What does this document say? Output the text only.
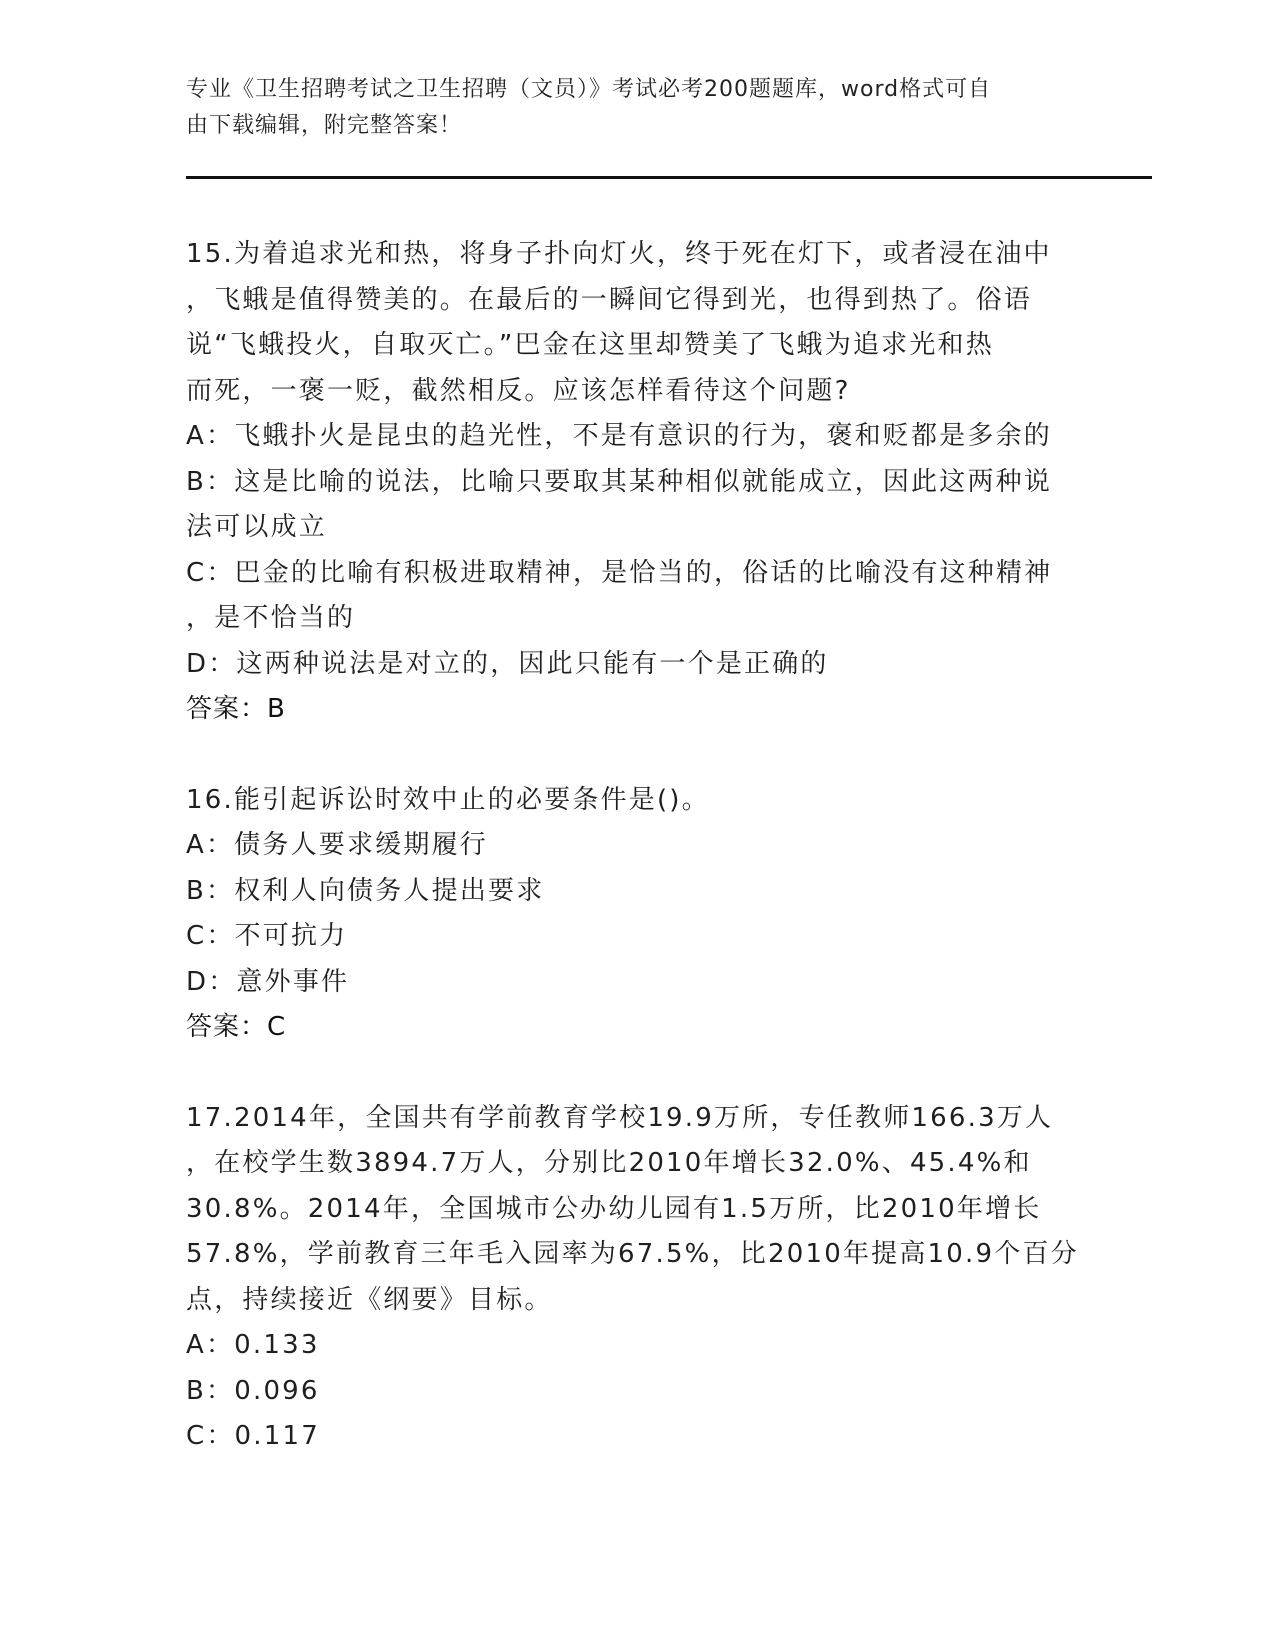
专业《卫生招聘考试之卫生招聘（文员）》考试必考200题题库，word格式可自
由下载编辑，附完整答案！
15.为着追求光和热，将身子扑向灯火，终于死在灯下，或者浸在油中
，飞蛾是值得赞美的。在最后的一瞬间它得到光，也得到热了。俗语
说“飞蛾投火，自取灭亡。”巴金在这里却赞美了飞蛾为追求光和热
而死，一褒一贬，截然相反。应该怎样看待这个问题?
A：飞蛾扑火是昆虫的趋光性，不是有意识的行为，褒和贬都是多余的
B：这是比喻的说法，比喻只要取其某种相似就能成立，因此这两种说
法可以成立
C：巴金的比喻有积极进取精神，是恰当的，俗话的比喻没有这种精神
，是不恰当的
D：这两种说法是对立的，因此只能有一个是正确的
答案：B
16.能引起诉讼时效中止的必要条件是()。
A：债务人要求缓期履行
B：权利人向债务人提出要求
C：不可抗力
D：意外事件
答案：C
17.2014年，全国共有学前教育学校19.9万所，专任教师166.3万人
，在校学生数3894.7万人，分别比2010年增长32.0%、45.4%和
30.8%。2014年，全国城市公办幼儿园有1.5万所，比2010年增长
57.8%，学前教育三年毛入园率为67.5%，比2010年提高10.9个百分
点，持续接近《纲要》目标。
A：0.133
B：0.096
C：0.117
